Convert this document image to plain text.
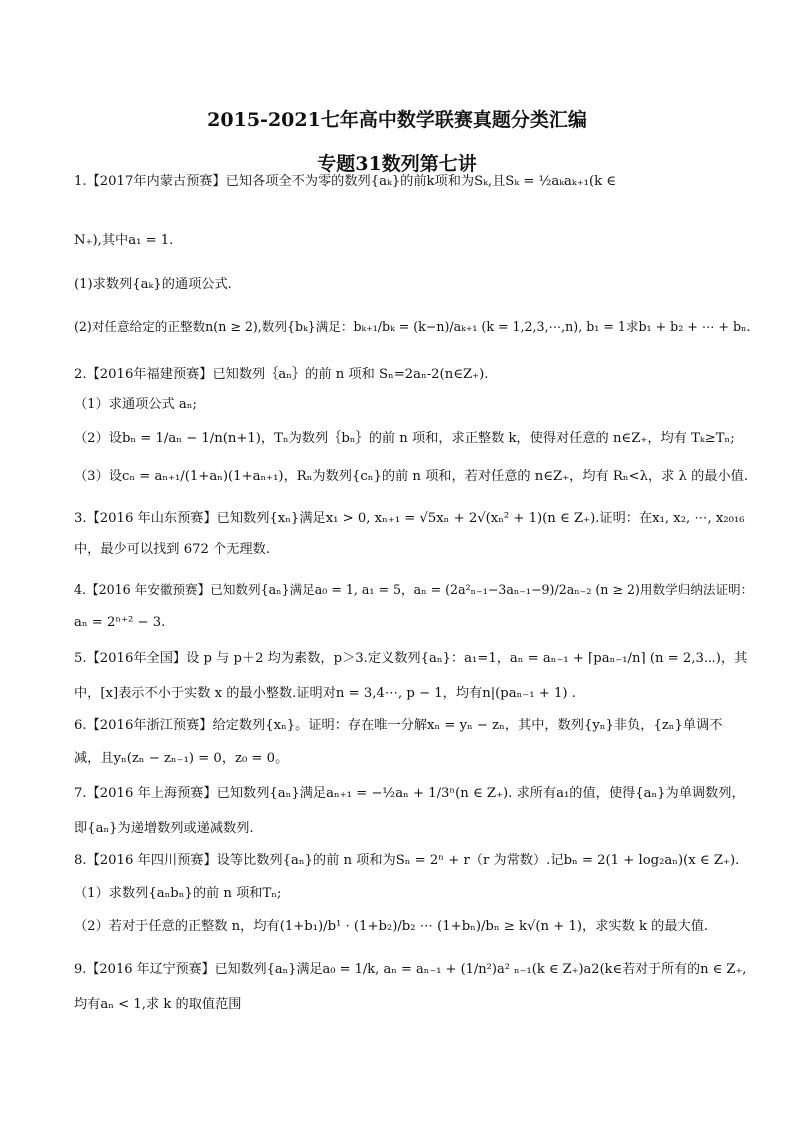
2015-2021七年高中数学联赛真题分类汇编
专题31数列第七讲
1.【2017年内蒙古预赛】已知各项全不为零的数列{aₖ}的前k项和为Sₖ,且Sₖ = ½aₖaₖ₊₁(k ∈
N₊),其中a₁ = 1.
(1)求数列{aₖ}的通项公式.
(2)对任意给定的正整数n(n ≥ 2),数列{bₖ}满足：bₖ₊₁/bₖ = (k−n)/aₖ₊₁ (k = 1,2,3,⋯,n), b₁ = 1求b₁ + b₂ + ⋯ + bₙ.
2.【2016年福建预赛】已知数列｛aₙ｝的前 n 项和 Sₙ=2aₙ-2(n∈Z₊).
（1）求通项公式 aₙ;
（2）设bₙ = 1/aₙ − 1/n(n+1)，Tₙ为数列｛bₙ｝的前 n 项和，求正整数 k，使得对任意的 n∈Z₊，均有 Tₖ≥Tₙ;
（3）设cₙ = aₙ₊₁/(1+aₙ)(1+aₙ₊₁)，Rₙ为数列{cₙ}的前 n 项和，若对任意的 n∈Z₊，均有 Rₙ<λ，求 λ 的最小值.
3.【2016 年山东预赛】已知数列{xₙ}满足x₁ > 0, xₙ₊₁ = √5xₙ + 2√(xₙ² + 1)(n ∈ Z₊).证明：在x₁, x₂, ⋯, x₂₀₁₆
中，最少可以找到 672 个无理数.
4.【2016 年安徽预赛】已知数列{aₙ}满足a₀ = 1, a₁ = 5，aₙ = (2a²ₙ₋₁−3aₙ₋₁−9)/2aₙ₋₂ (n ≥ 2)用数学归纳法证明：
aₙ = 2ⁿ⁺² − 3.
5.【2016年全国】设 p 与 p＋2 均为素数，p＞3.定义数列{aₙ}：a₁=1，aₙ = aₙ₋₁ + ⌈paₙ₋₁/n⌉ (n = 2,3⋯)，其
中，[x]表示不小于实数 x 的最小整数.证明对n = 3,4⋯, p − 1，均有n|(paₙ₋₁ + 1) .
6.【2016年浙江预赛】给定数列{xₙ}。证明：存在唯一分解xₙ = yₙ − zₙ，其中，数列{yₙ}非负，{zₙ}单调不
减，且yₙ(zₙ − zₙ₋₁) = 0，z₀ = 0。
7.【2016 年上海预赛】已知数列{aₙ}满足aₙ₊₁ = −½aₙ + 1/3ⁿ(n ∈ Z₊). 求所有a₁的值，使得{aₙ}为单调数列，
即{aₙ}为递增数列或递减数列.
8.【2016 年四川预赛】设等比数列{aₙ}的前 n 项和为Sₙ = 2ⁿ + r（r 为常数）.记bₙ = 2(1 + log₂aₙ)(x ∈ Z₊).
（1）求数列{aₙbₙ}的前 n 项和Tₙ;
（2）若对于任意的正整数 n，均有(1+b₁)/b¹ · (1+b₂)/b₂ ⋯ (1+bₙ)/bₙ ≥ k√(n + 1)，求实数 k 的最大值.
9.【2016 年辽宁预赛】已知数列{aₙ}满足a₀ = 1/k, aₙ = aₙ₋₁ + (1/n²)a² ₙ₋₁(k ∈ Z₊)a2(k∈若对于所有的n ∈ Z₊,
均有aₙ < 1,求 k 的取值范围
